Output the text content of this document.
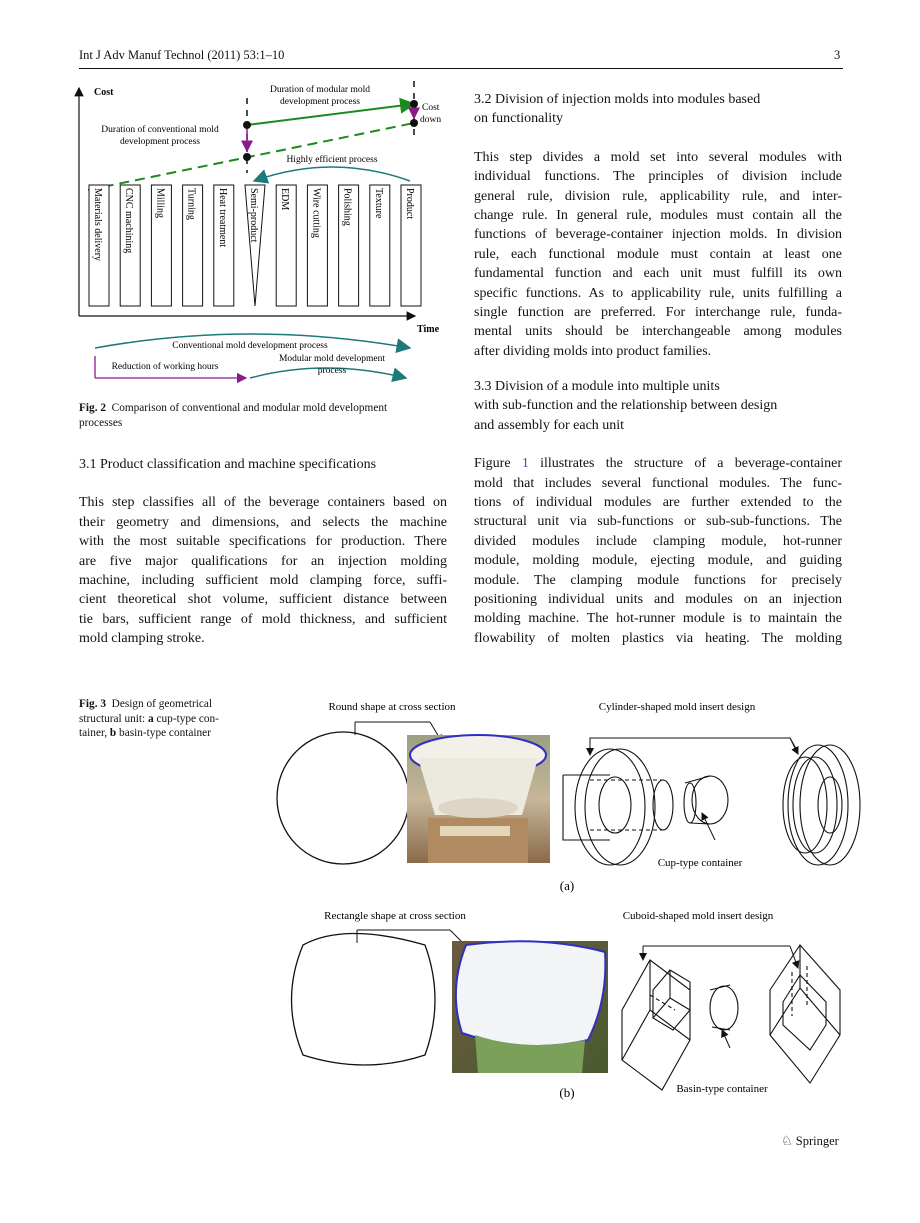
Int J Adv Manuf Technol (2011) 53:1–10	3
Cost
Time
Duration of modular mold
development process
Duration of conventional mold
development process
Cost
down
Highly efficient process
Materials delivery CNC machining Milling Turning Heat treatment Semi-product EDM Wire cutting Polishing Texture Product
Conventional mold development process
Reduction of working hours
Modular mold development
process
Fig. 2 Comparison of conventional and modular mold development
processes
3.1 Product classification and machine specifications
This step classifies all of the beverage containers based on
their geometry and dimensions, and selects the machine
with the most suitable specifications for production. There
are five major qualifications for an injection molding
machine, including sufficient mold clamping force, suffi-
cient theoretical shot volume, sufficient distance between
tie bars, sufficient range of mold thickness, and sufficient
mold clamping stroke.
3.2 Division of injection molds into modules based
on functionality
This step divides a mold set into several modules with
individual functions. The principles of division include
general rule, division rule, applicability rule, and inter-
change rule. In general rule, modules must contain all the
functions of beverage-container injection molds. In division
rule, each functional module must contain at least one
fundamental function and each unit must fulfill its own
specific functions. As to applicability rule, units fulfilling a
single function are preferred. For interchange rule, funda-
mental units should be interchangeable among modules
after dividing molds into product families.
3.3 Division of a module into multiple units
with sub-function and the relationship between design
and assembly for each unit
Figure 1 illustrates the structure of a beverage-container
mold that includes several functional modules. The func-
tions of individual modules are further extended to the
structural unit via sub-functions or sub-sub-functions. The
divided modules include clamping module, hot-runner
module, molding module, ejecting module, and guiding
module. The clamping module functions for precisely
positioning individual units and modules on an injection
molding machine. The hot-runner module is to maintain the
flowability of molten plastics via heating. The molding
Fig. 3 Design of geometrical
structural unit: a cup-type con-
tainer, b basin-type container
Round shape at cross section	Cylinder-shaped mold insert design
Cup-type container
(a)
Rectangle shape at cross section	Cuboid-shaped mold insert design
Basin-type container
(b)
♘ Springer
